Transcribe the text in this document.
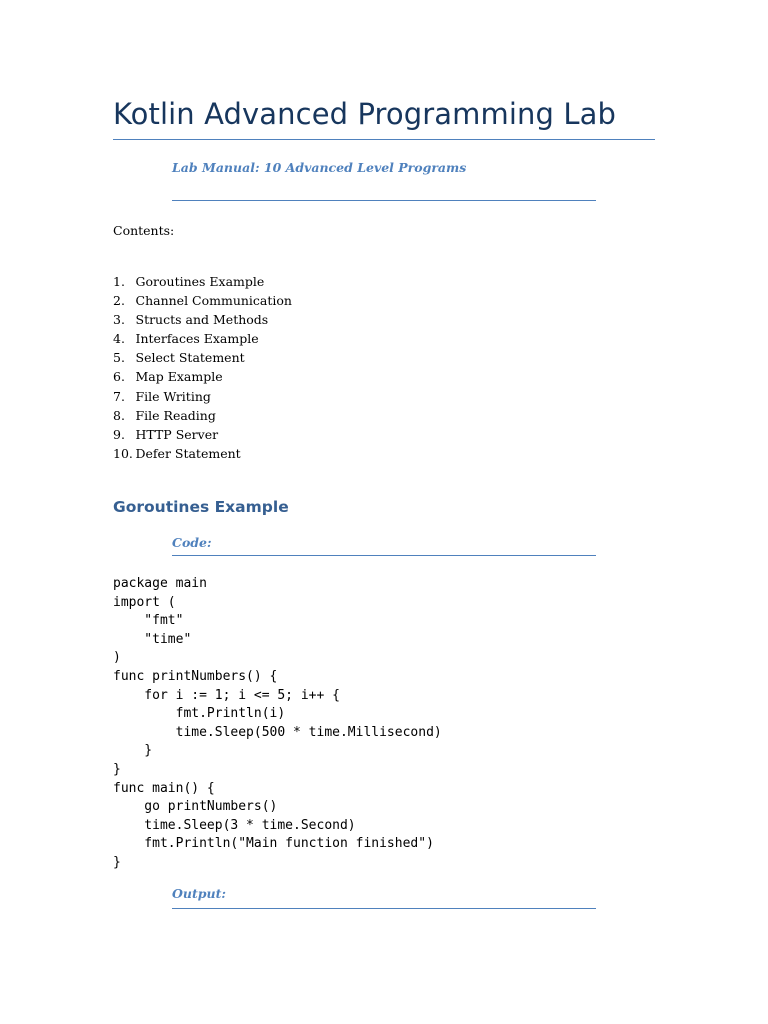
Kotlin Advanced Programming Lab

Lab Manual: 10 Advanced Level Programs

Contents:

1. Goroutines Example
2. Channel Communication
3. Structs and Methods
4. Interfaces Example
5. Select Statement
6. Map Example
7. File Writing
8. File Reading
9. HTTP Server
10. Defer Statement
Goroutines Example

Code:

package main
import (
"fmt"
"time"
)
func printNumbers() {
for i := 1; i <= 5; i++ {
fmt.Println(i)
time.Sleep(500 * time.Millisecond)
}
}
func main() {
go printNumbers()
time.Sleep(3 * time.Second)
fmt.Println("Main function finished")
}

Output:
